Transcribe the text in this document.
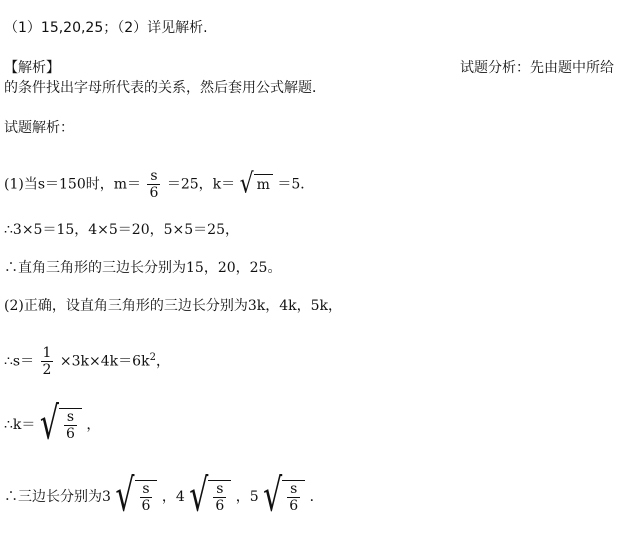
（1）15,20,25；（2）详见解析.
【解析】	试题分析：先由题中所给
的条件找出字母所代表的关系，然后套用公式解题．
试题解析：
(1)当s＝150时，$m= \frac{s}{6} =25$，k＝ √ m ＝5．
∴3×5＝15，4×5＝20，5×5＝25，
∴直角三角形的三边长分别为15，20，25。
(2)正确，设直角三角形的三边长分别为3k，4k，5k，
∴s＝ $\frac{1}{2} \times 3k\times 4k=6k^2$，
∴k＝ √ $\frac{s}{6}$ ，
∴三边长分别为3 √ $\frac{s}{6}$ ，4 √ $\frac{s}{6}$ ，5 √ $\frac{s}{6}$ ．
